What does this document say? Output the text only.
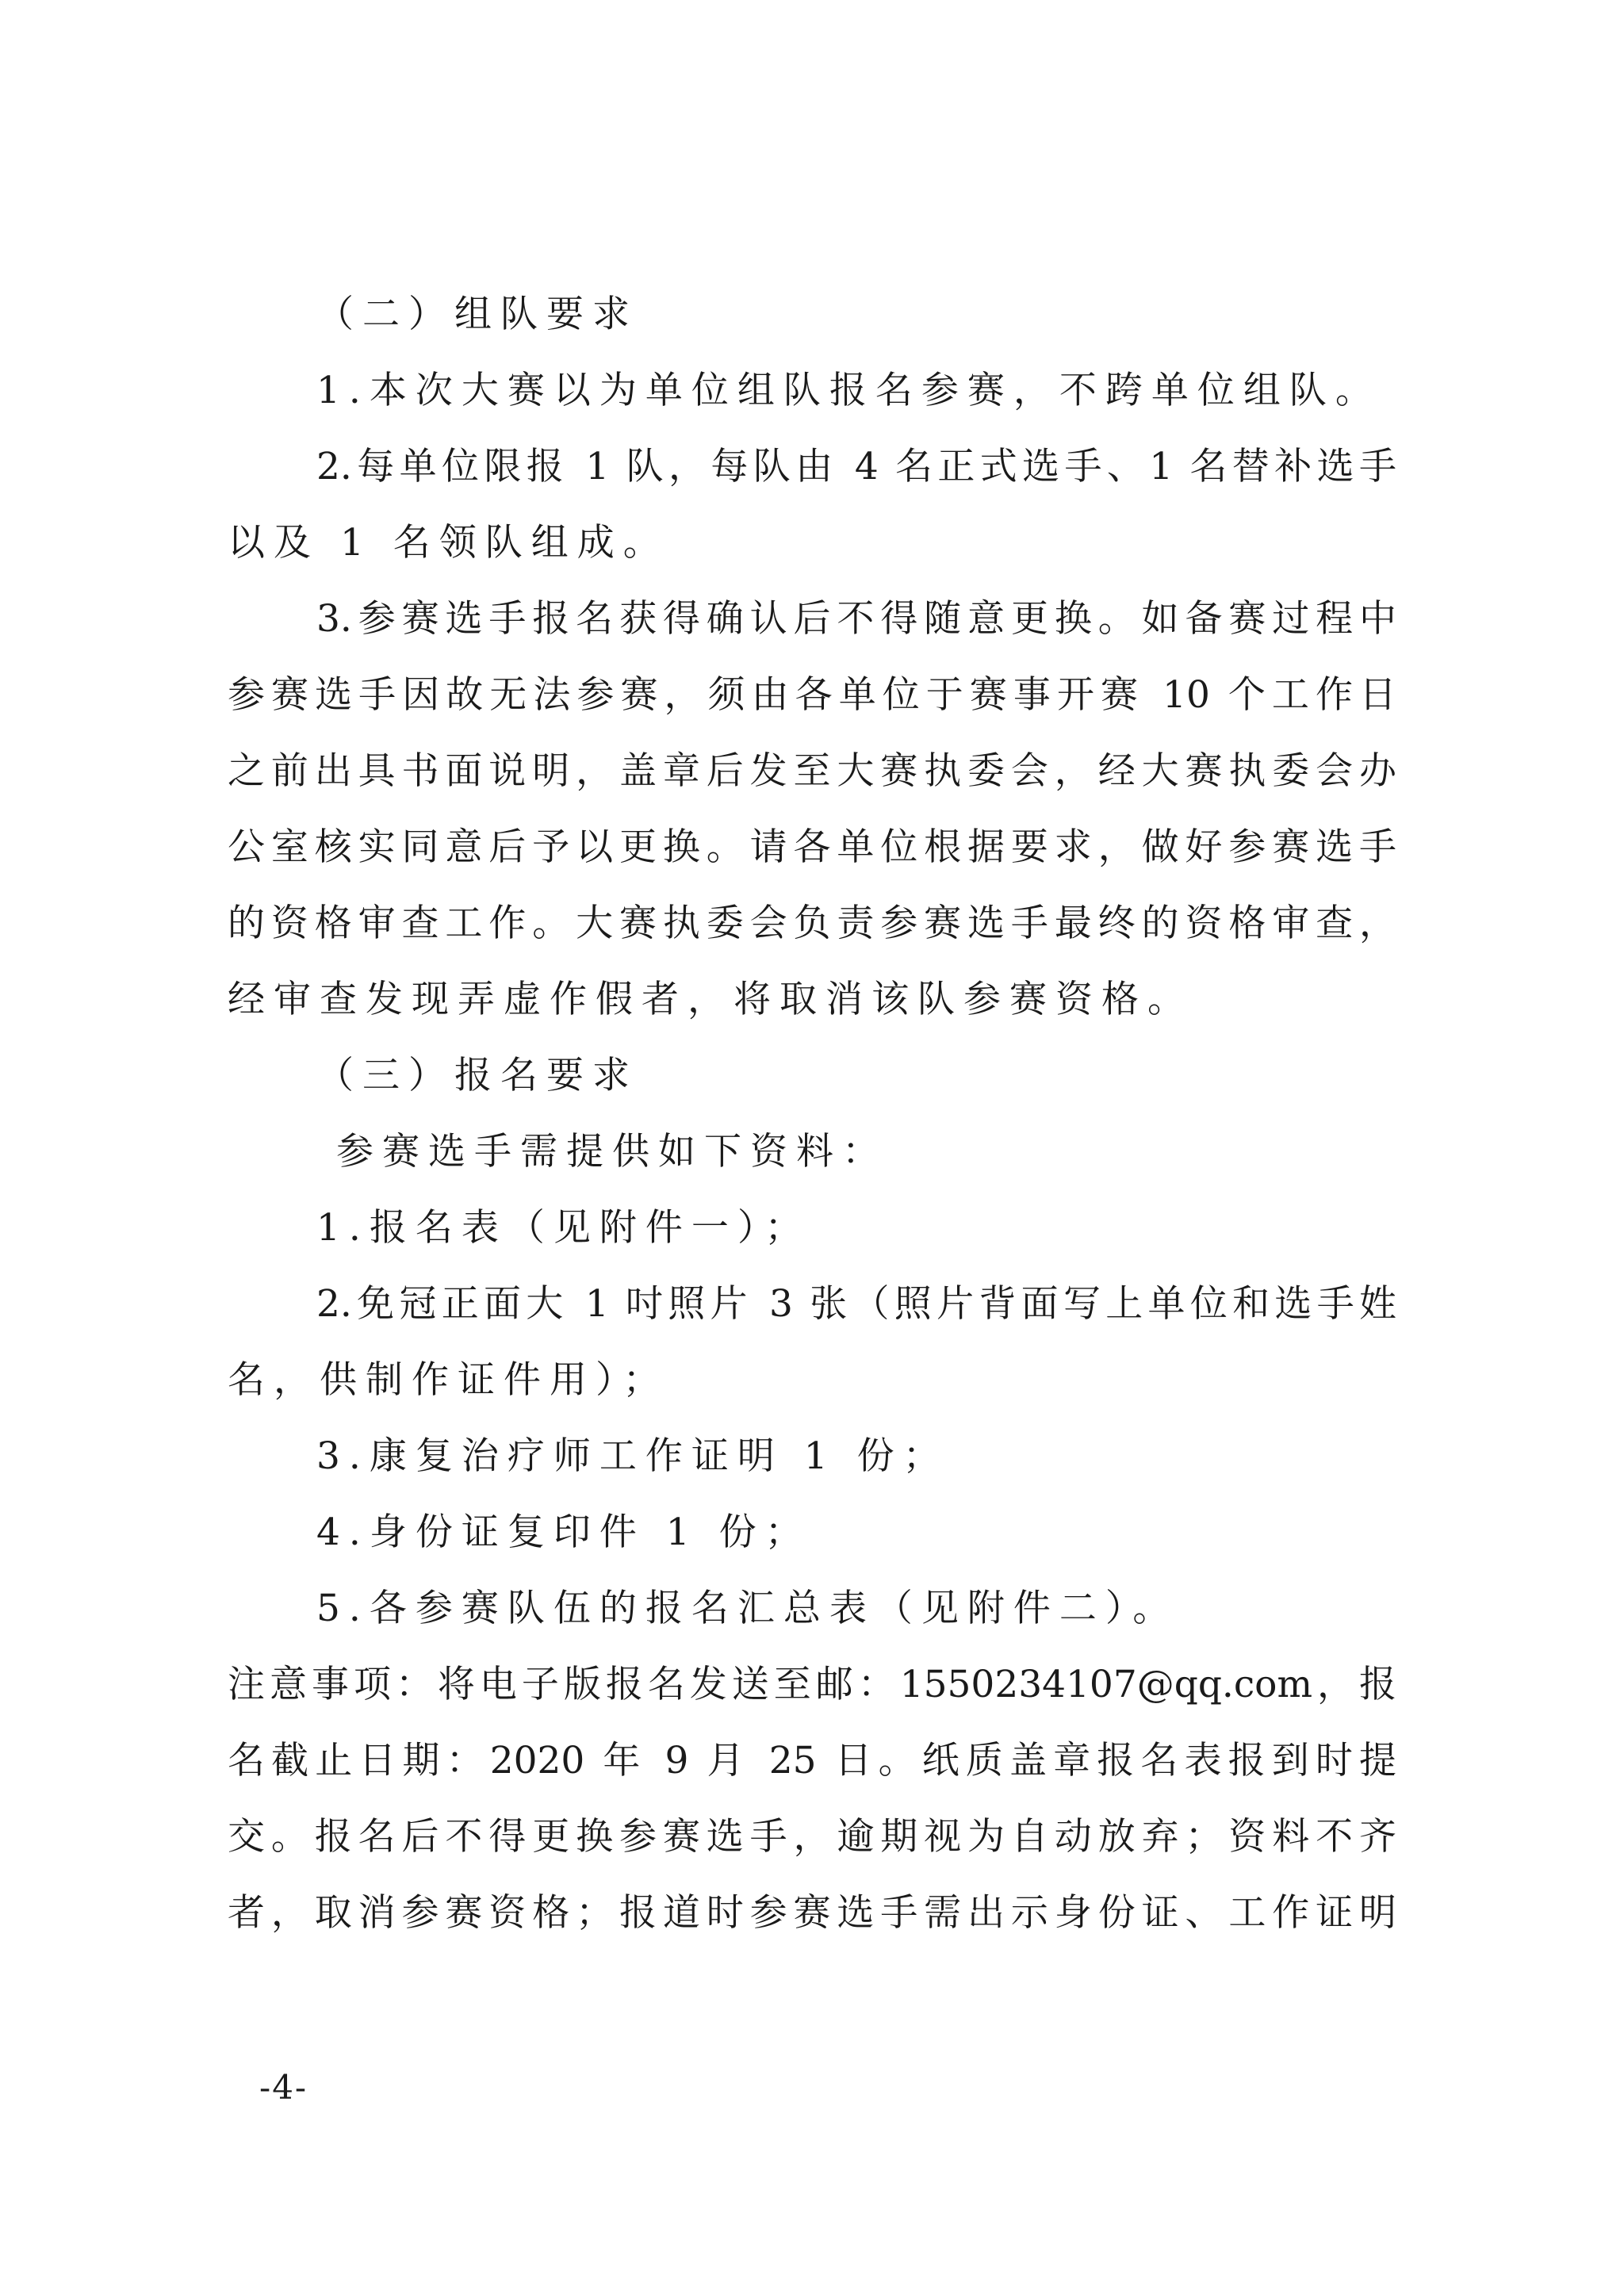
（二）组队要求
1.本次大赛以为单位组队报名参赛，不跨单位组队。
2.每单位限报 1 队，每队由 4 名正式选手、1 名替补选手
以及 1 名领队组成。
3.参赛选手报名获得确认后不得随意更换。如备赛过程中
参赛选手因故无法参赛，须由各单位于赛事开赛 10 个工作日
之前出具书面说明，盖章后发至大赛执委会，经大赛执委会办
公室核实同意后予以更换。请各单位根据要求，做好参赛选手
的资格审查工作。大赛执委会负责参赛选手最终的资格审查，
经审查发现弄虚作假者，将取消该队参赛资格。
（三）报名要求
参赛选手需提供如下资料：
1.报名表（见附件一）；
2.免冠正面大 1 吋照片 3 张（照片背面写上单位和选手姓
名，供制作证件用）；
3.康复治疗师工作证明 1 份；
4.身份证复印件 1 份；
5.各参赛队伍的报名汇总表（见附件二）。
注意事项：将电子版报名发送至邮：1550234107@qq.com，报
名截止日期：2020 年 9 月 25 日。纸质盖章报名表报到时提
交。报名后不得更换参赛选手，逾期视为自动放弃；资料不齐
者，取消参赛资格；报道时参赛选手需出示身份证、工作证明
-4-
